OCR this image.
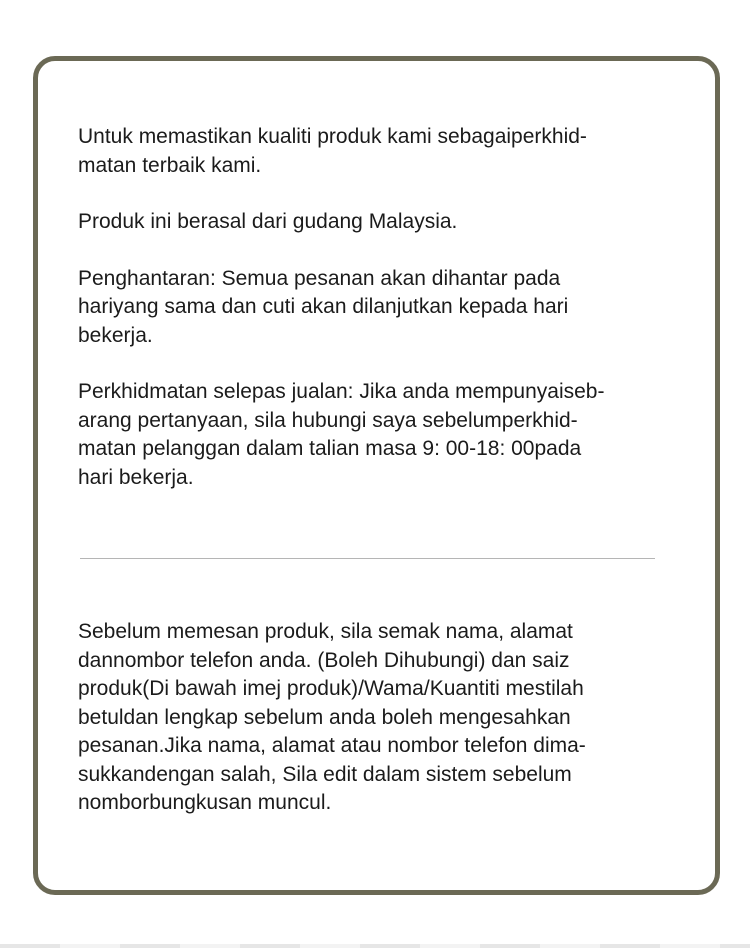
Untuk memastikan kualiti produk kami sebagaiperkhid-
matan terbaik kami.

Produk ini berasal dari gudang Malaysia.

Penghantaran: Semua pesanan akan dihantar pada
hariyang sama dan cuti akan dilanjutkan kepada hari
bekerja.

Perkhidmatan selepas jualan: Jika anda mempunyaiseb-
arang pertanyaan, sila hubungi saya sebelumperkhid-
matan pelanggan dalam talian masa 9: 00-18: 00pada
hari bekerja.

Sebelum memesan produk, sila semak nama, alamat
dannombor telefon anda. (Boleh Dihubungi) dan saiz
produk(Di bawah imej produk)/Wama/Kuantiti mestilah
betuldan lengkap sebelum anda boleh mengesahkan
pesanan.Jika nama, alamat atau nombor telefon dima-
sukkandengan salah, Sila edit dalam sistem sebelum
nomborbungkusan muncul.
